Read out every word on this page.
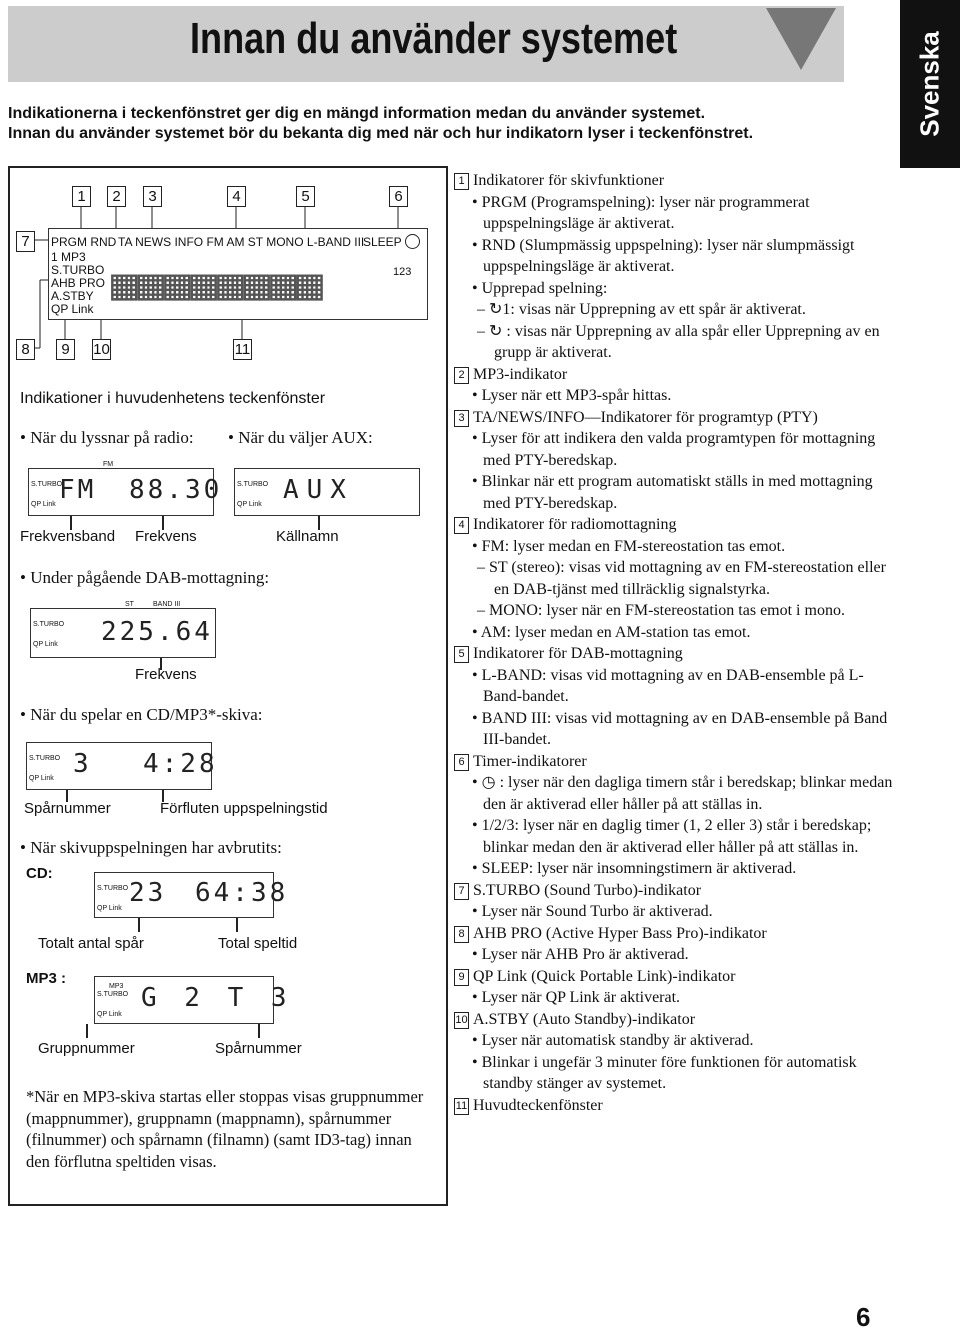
Innan du använder systemet	Svenska
Indikationerna i teckenfönstret ger dig en mängd information medan du använder systemet.
Innan du använder systemet bör du bekanta dig med när och hur indikatorn lyser i teckenfönstret.
1	2	3	4	5	6
7
8	9	10	11
PRGM RND
1 MP3
S.TURBO
AHB PRO
A.STBY
QP Link
TA NEWS INFO FM AM ST MONO L-BAND III
SLEEP
123
▦▦▦▦▦▦▦▦
Indikationer i huvudenhetens teckenfönster
• När du lyssnar på radio:
S.TURBO
QP Link
FM
FM 88.30
Frekvensband Frekvens
• När du väljer AUX:
S.TURBO
QP Link AUX
Källnamn
• Under pågående DAB-mottagning:
S.TURBO
QP Link
ST	BAND III
225.64
Frekvens
• När du spelar en CD/MP3*-skiva:
S.TURBO
QP Link 3 4:28
Spårnummer	Förfluten uppspelningstid
• När skivuppspelningen har avbrutits:
CD:
S.TURBO
QP Link
23 64:38
Totalt antal spår	Total speltid
MP3 :	MP3
S.TURBO
QP Link
G 2 T 3
Gruppnummer	Spårnummer
*När en MP3-skiva startas eller stoppas visas gruppnummer (mappnummer), gruppnamn (mappnamn), spårnummer (filnummer) och spårnamn (filnamn) (samt ID3-tag) innan den förflutna speltiden visas.
1 Indikatorer för skivfunktioner
• PRGM (Programspelning): lyser när programmerat uppspelningsläge är aktiverat.
• RND (Slumpmässig uppspelning): lyser när slumpmässigt uppspelningsläge är aktiverat.
• Upprepad spelning:
– ↻1: visas när Upprepning av ett spår är aktiverat.
– ↻ : visas när Upprepning av alla spår eller Upprepning av en grupp är aktiverat.
2 MP3-indikator
• Lyser när ett MP3-spår hittas.
3 TA/NEWS/INFO—Indikatorer för programtyp (PTY)
• Lyser för att indikera den valda programtypen för mottagning med PTY-beredskap.
• Blinkar när ett program automatiskt ställs in med mottagning med PTY-beredskap.
4 Indikatorer för radiomottagning
• FM: lyser medan en FM-stereostation tas emot.
– ST (stereo): visas vid mottagning av en FM-stereostation eller en DAB-tjänst med tillräcklig signalstyrka.
– MONO: lyser när en FM-stereostation tas emot i mono.
• AM: lyser medan en AM-station tas emot.
5 Indikatorer för DAB-mottagning
• L-BAND: visas vid mottagning av en DAB-ensemble på L-Band-bandet.
• BAND III: visas vid mottagning av en DAB-ensemble på Band III-bandet.
6 Timer-indikatorer
• ◷ : lyser när den dagliga timern står i beredskap; blinkar medan den är aktiverad eller håller på att ställas in.
• 1/2/3: lyser när en daglig timer (1, 2 eller 3) står i beredskap; blinkar medan den är aktiverad eller håller på att ställas in.
• SLEEP: lyser när insomningstimern är aktiverad.
7 S.TURBO (Sound Turbo)-indikator
• Lyser när Sound Turbo är aktiverad.
8 AHB PRO (Active Hyper Bass Pro)-indikator
• Lyser när AHB Pro är aktiverad.
9 QP Link (Quick Portable Link)-indikator
• Lyser när QP Link är aktiverat.
10 A.STBY (Auto Standby)-indikator
• Lyser när automatisk standby är aktiverad.
• Blinkar i ungefär 3 minuter före funktionen för automatisk standby stänger av systemet.
11 Huvudteckenfönster
6
